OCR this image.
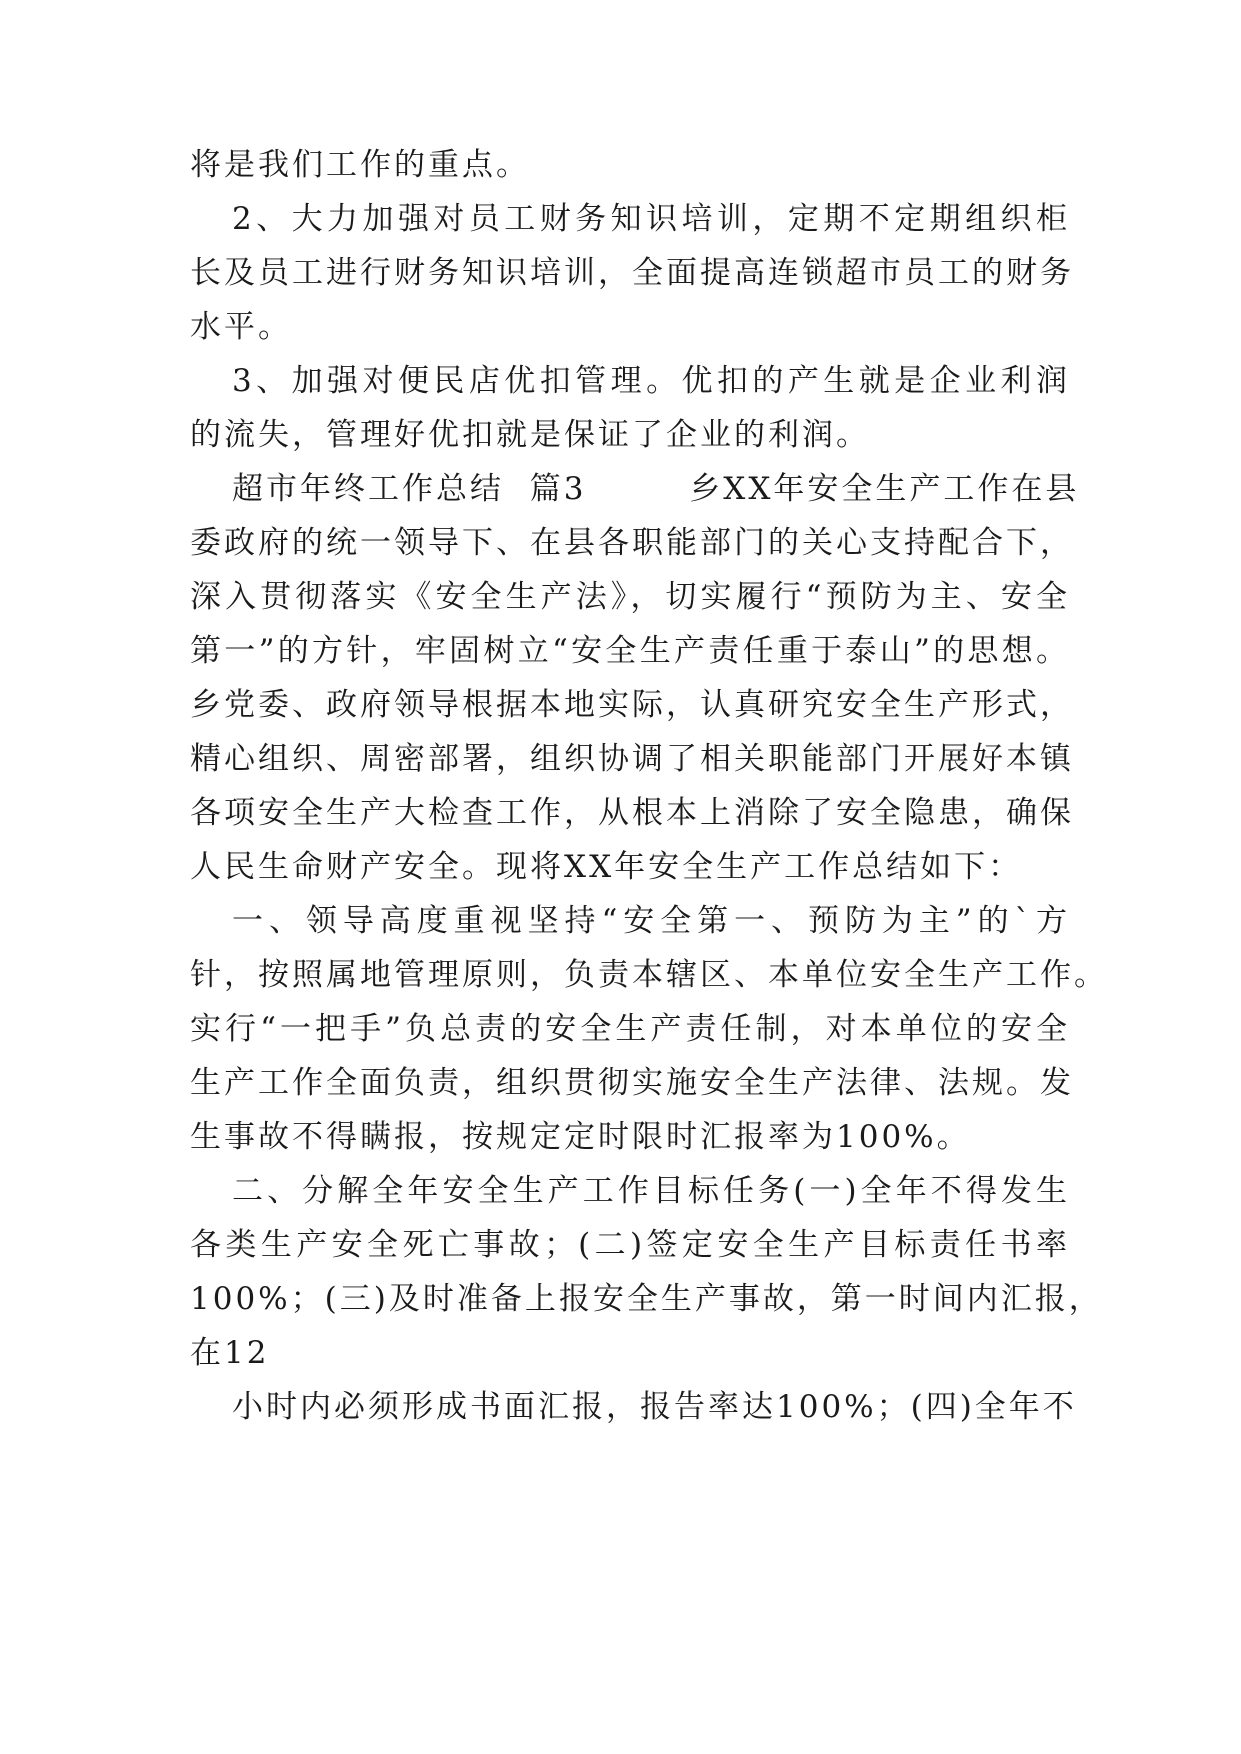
将是我们工作的重点。
2、大力加强对员工财务知识培训，定期不定期组织柜
长及员工进行财务知识培训，全面提高连锁超市员工的财务
水平。
3、加强对便民店优扣管理。优扣的产生就是企业利润
的流失，管理好优扣就是保证了企业的利润。
超市年终工作总结  篇3        乡XX年安全生产工作在县
委政府的统一领导下、在县各职能部门的关心支持配合下，
深入贯彻落实《安全生产法》，切实履行“预防为主、安全
第一”的方针，牢固树立“安全生产责任重于泰山”的思想。
乡党委、政府领导根据本地实际，认真研究安全生产形式，
精心组织、周密部署，组织协调了相关职能部门开展好本镇
各项安全生产大检查工作，从根本上消除了安全隐患，确保
人民生命财产安全。现将XX年安全生产工作总结如下：
一、领导高度重视坚持“安全第一、预防为主”的`方
针，按照属地管理原则，负责本辖区、本单位安全生产工作。
实行“一把手”负总责的安全生产责任制，对本单位的安全
生产工作全面负责，组织贯彻实施安全生产法律、法规。发
生事故不得瞒报，按规定定时限时汇报率为100%。
二、分解全年安全生产工作目标任务(一)全年不得发生
各类生产安全死亡事故；(二)签定安全生产目标责任书率
100%；(三)及时准备上报安全生产事故，第一时间内汇报，
在12
小时内必须形成书面汇报，报告率达100%；(四)全年不
